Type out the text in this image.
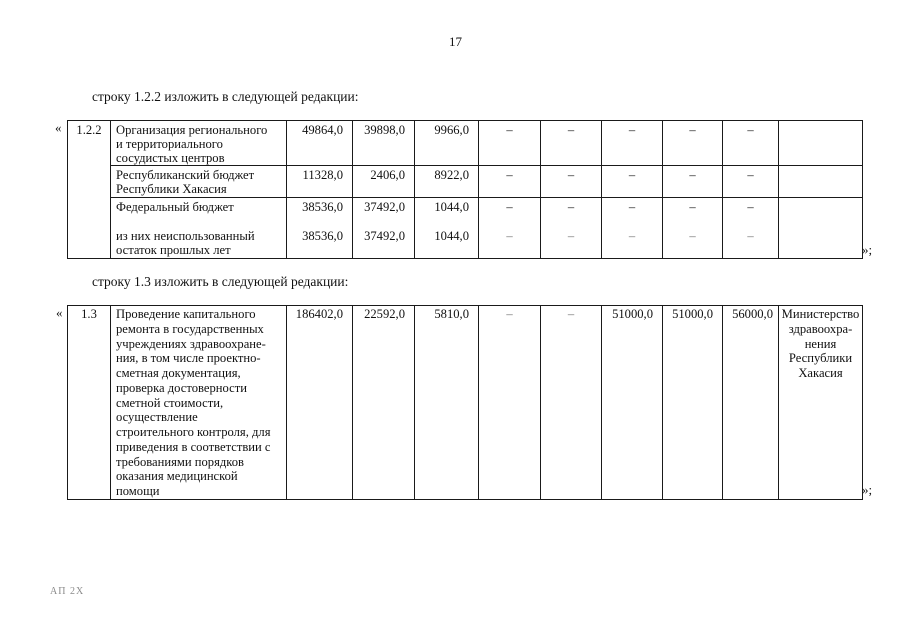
17
строку 1.2.2 изложить в следующей редакции:
« 1.2.2	Организация регионального
и территориального
сосудистых центров	49864,0	39898,0	9966,0	–	–	–	–	–	
	Республиканский бюджет
Республики Хакасия	11328,0	2406,0	8922,0	–	–	–	–	–	
	Федеральный бюджет	38536,0	37492,0	1044,0	–	–	–	–	–	
	из них неиспользованный
остаток прошлых лет	38536,0	37492,0	1044,0	–	–	–	–	–	
»;
строку 1.3 изложить в следующей редакции:
« 1.3	Проведение капитального
ремонта в государственных
учреждениях здравоохране-
ния, в том числе проектно-
сметная документация,
проверка достоверности
сметной стоимости,
осуществление
строительного контроля, для
приведения в соответствии с
требованиями порядков
оказания медицинской
помощи	186402,0	22592,0	5810,0	–	–	51000,0	51000,0	56000,0	Министерство
здравоохра-
нения
Республики
Хакасия
»;
АП 2Х
